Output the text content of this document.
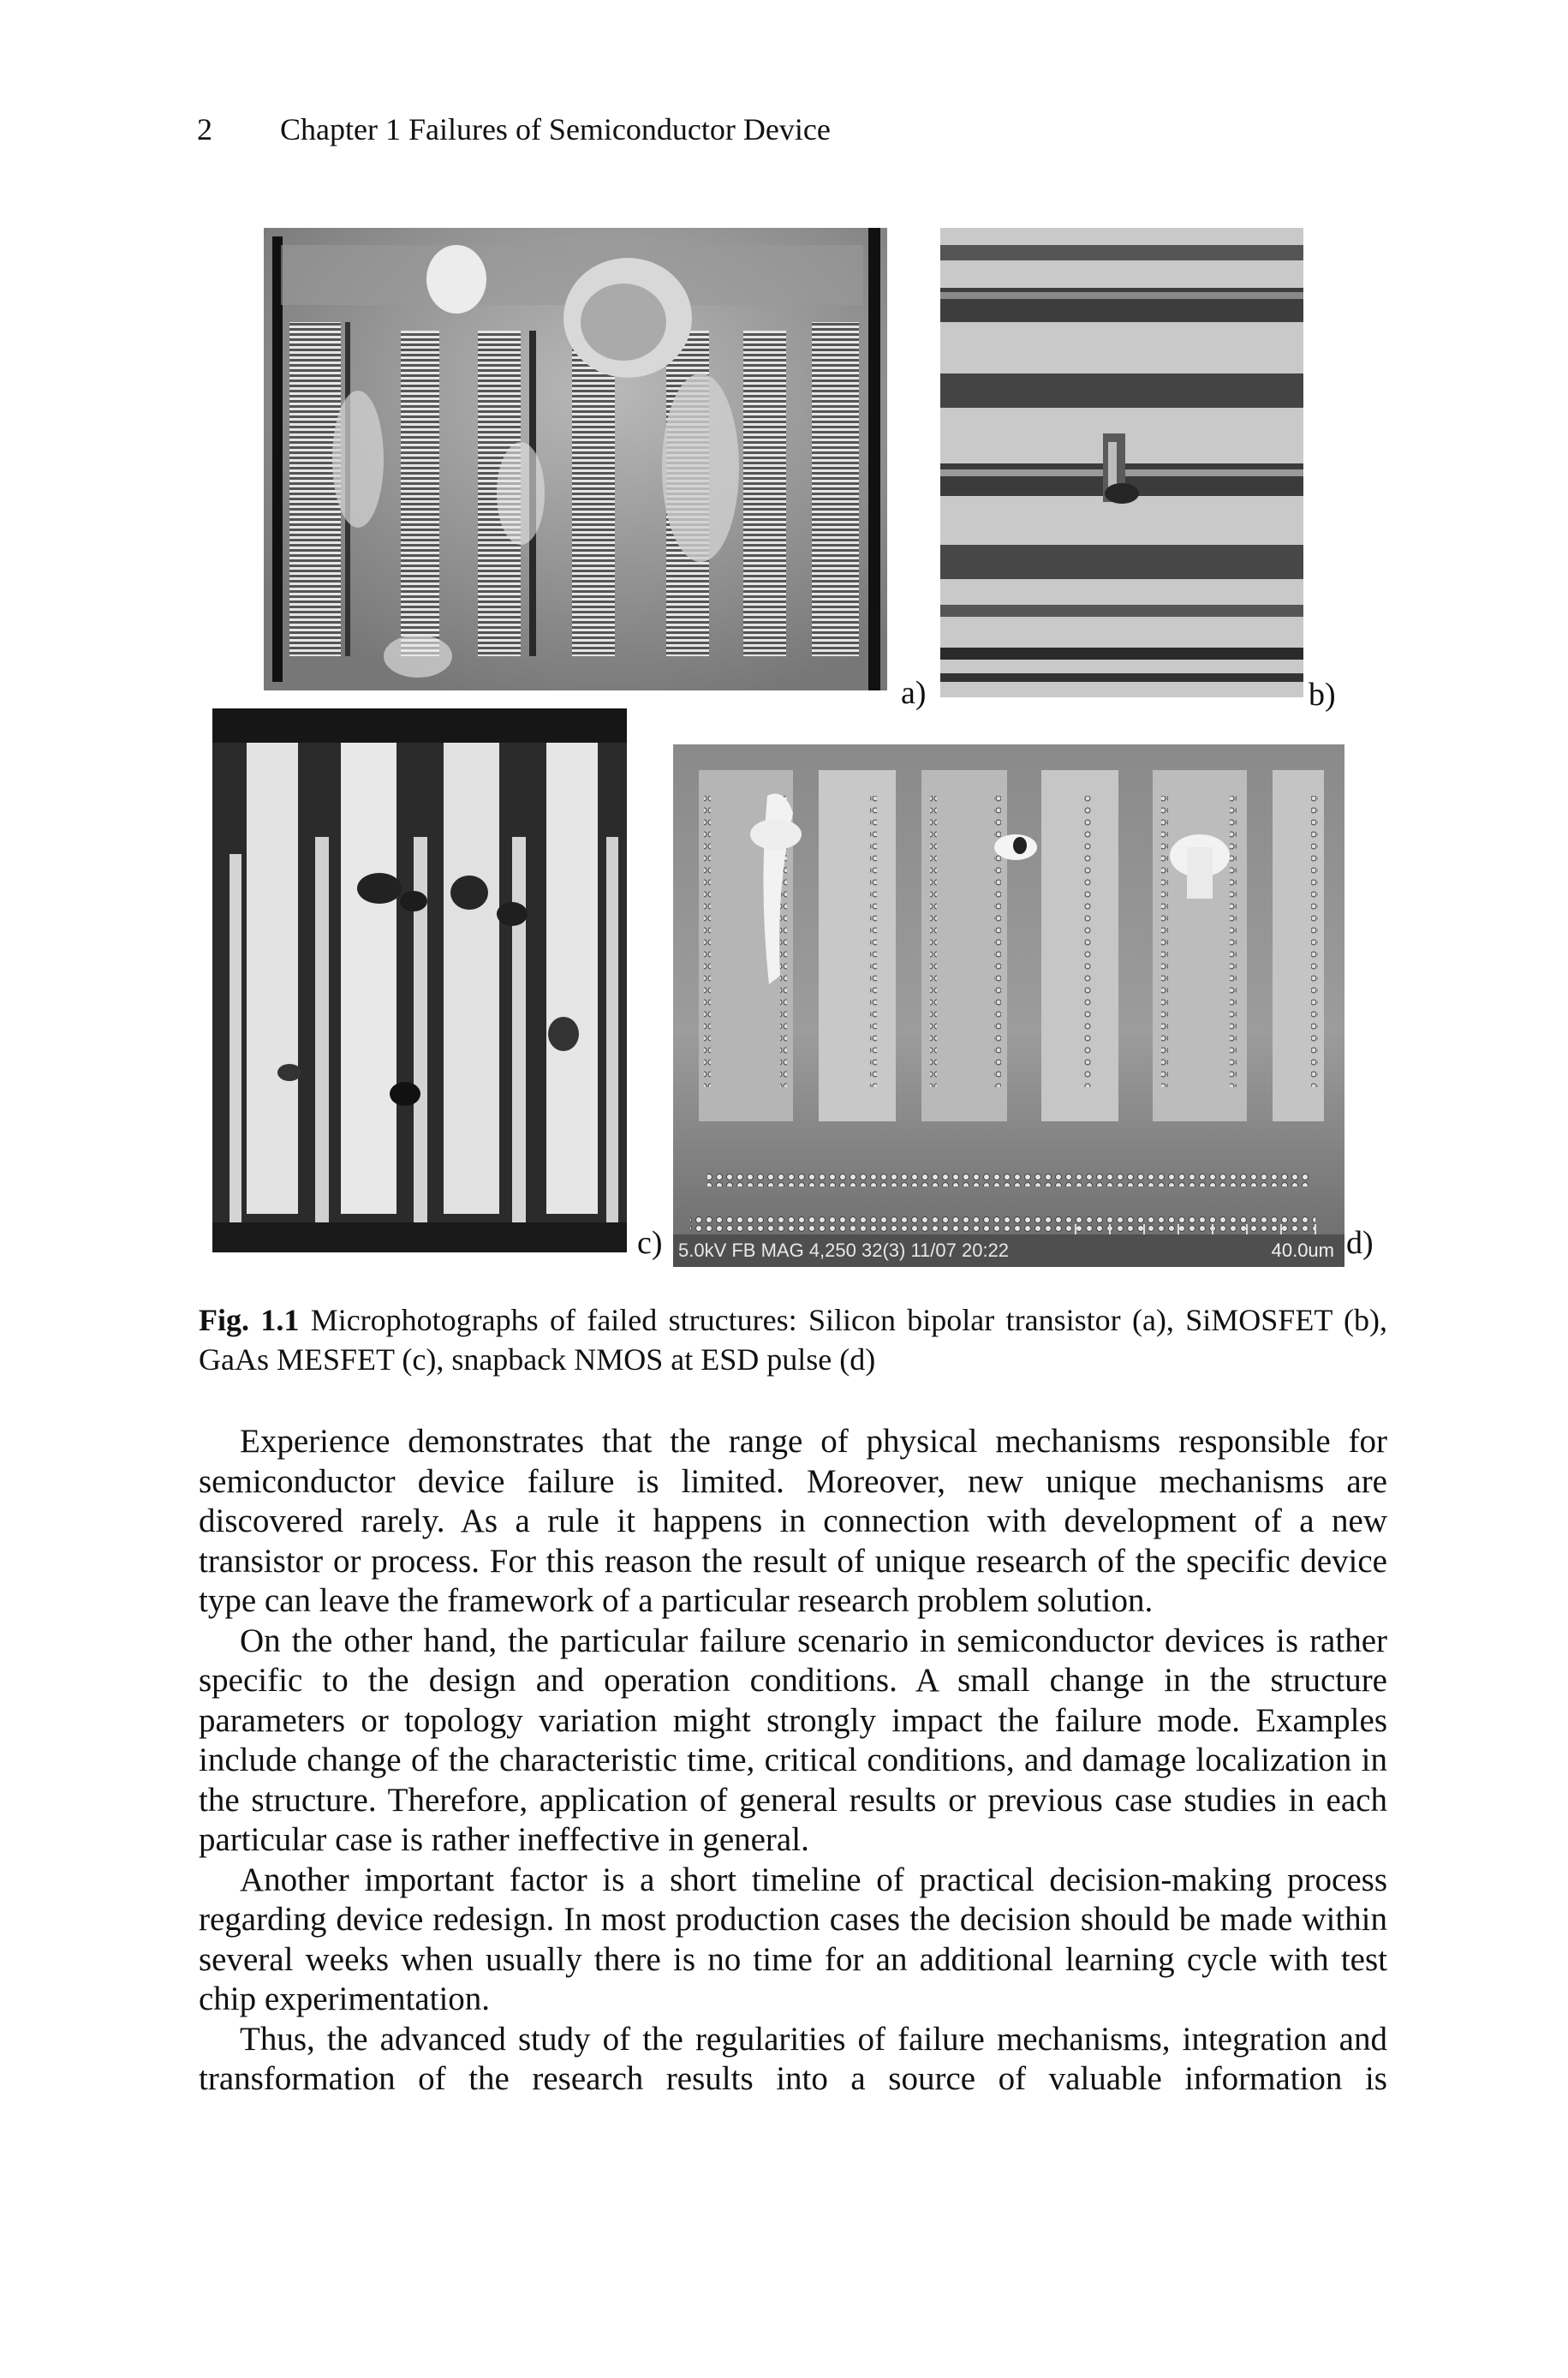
2 Chapter 1 Failures of Semiconductor Device
a)	b)
c) 5.0kV FB MAG 4,250 32(3) 11/07 20:22	40.0um d)
Fig. 1.1 Microphotographs of failed structures: Silicon bipolar transistor (a), SiMOSFET (b), GaAs MESFET (c), snapback NMOS at ESD pulse (d)

Experience demonstrates that the range of physical mechanisms responsible for semiconductor device failure is limited. Moreover, new unique mechanisms are discovered rarely. As a rule it happens in connection with development of a new transistor or process. For this reason the result of unique research of the specific device type can leave the framework of a particular research problem solution.

On the other hand, the particular failure scenario in semiconductor devices is rather specific to the design and operation conditions. A small change in the structure parameters or topology variation might strongly impact the failure mode. Examples include change of the characteristic time, critical conditions, and damage localization in the structure. Therefore, application of general results or previous case studies in each particular case is rather ineffective in general.

Another important factor is a short timeline of practical decision-making process regarding device redesign. In most production cases the decision should be made within several weeks when usually there is no time for an additional learning cycle with test chip experimentation.

Thus, the advanced study of the regularities of failure mechanisms, integration and transformation of the research results into a source of valuable information is
